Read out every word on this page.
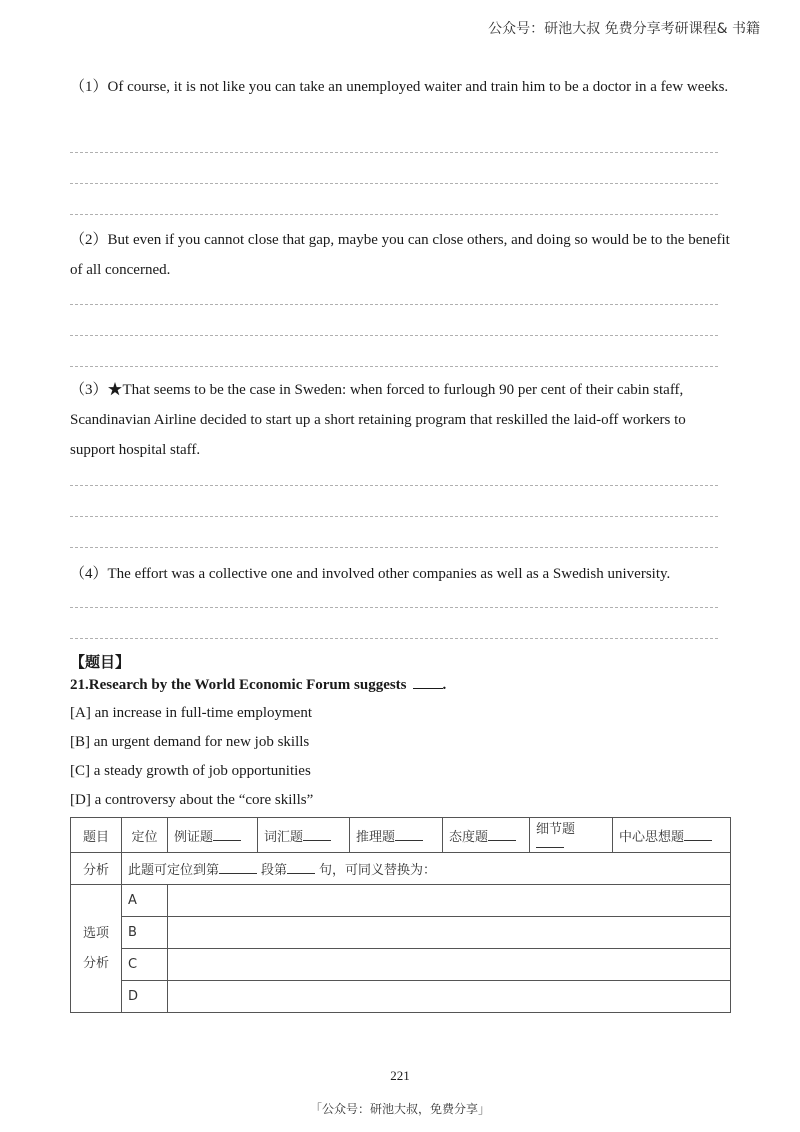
公众号：研池大叔 免费分享考研课程& 书籍
（1）Of course, it is not like you can take an unemployed waiter and train him to be a doctor in a few weeks.
（2）But even if you cannot close that gap, maybe you can close others, and doing so would be to the benefit of all concerned.
（3）★That seems to be the case in Sweden: when forced to furlough 90 per cent of their cabin staff, Scandinavian Airline decided to start up a short retaining program that reskilled the laid-off workers to support hospital staff.
（4）The effort was a collective one and involved other companies as well as a Swedish university.
【题目】
21.Research by the World Economic Forum suggests .
[A] an increase in full-time employment
[B] an urgent demand for new job skills
[C] a steady growth of job opportunities
[D] a controversy about the “core skills”
题目	定位	例证题	词汇题	推理题	态度题	细节题	中心思想题
分析	此题可定位到第 段第 句，可同义替换为：						
选项
分析	A						
	B						
	C						
	D						
221
「公众号：研池大叔，免费分享」
